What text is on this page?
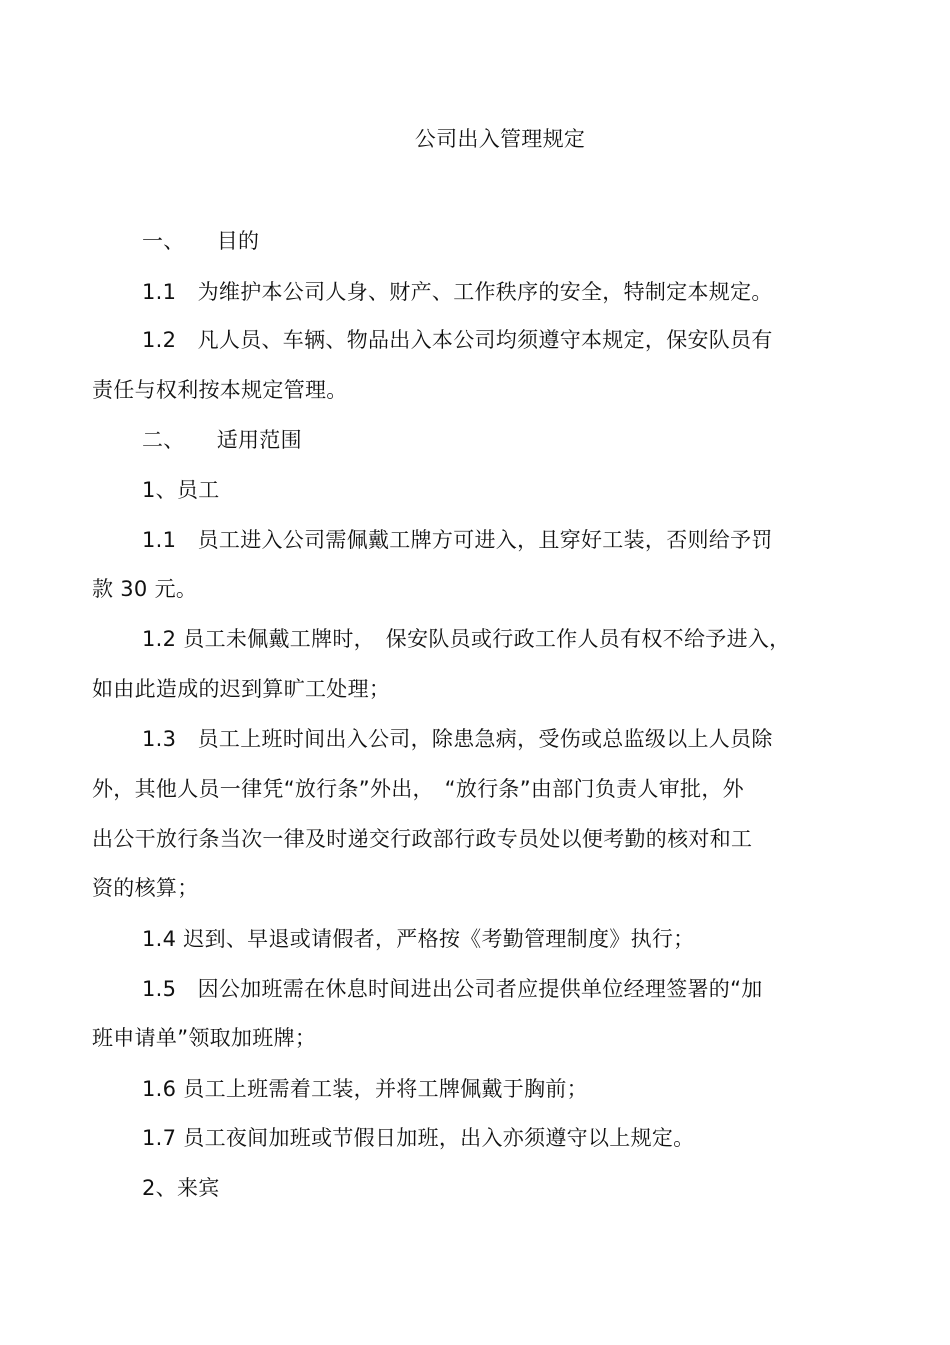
公司出入管理规定
一、　　目的
1.1　为维护本公司人身、财产、工作秩序的安全，特制定本规定。
1.2　凡人员、车辆、物品出入本公司均须遵守本规定，保安队员有
责任与权利按本规定管理。
二、　　适用范围
1、员工
1.1　员工进入公司需佩戴工牌方可进入，且穿好工装，否则给予罚
款 30 元。
1.2 员工未佩戴工牌时，　保安队员或行政工作人员有权不给予进入，
如由此造成的迟到算旷工处理；
1.3　员工上班时间出入公司，除患急病，受伤或总监级以上人员除
外，其他人员一律凭“放行条”外出，　“放行条”由部门负责人审批，外
出公干放行条当次一律及时递交行政部行政专员处以便考勤的核对和工
资的核算；
1.4 迟到、早退或请假者，严格按《考勤管理制度》执行；
1.5　因公加班需在休息时间进出公司者应提供单位经理签署的“加
班申请单”领取加班牌；
1.6 员工上班需着工装，并将工牌佩戴于胸前；
1.7 员工夜间加班或节假日加班，出入亦须遵守以上规定。
2、来宾
